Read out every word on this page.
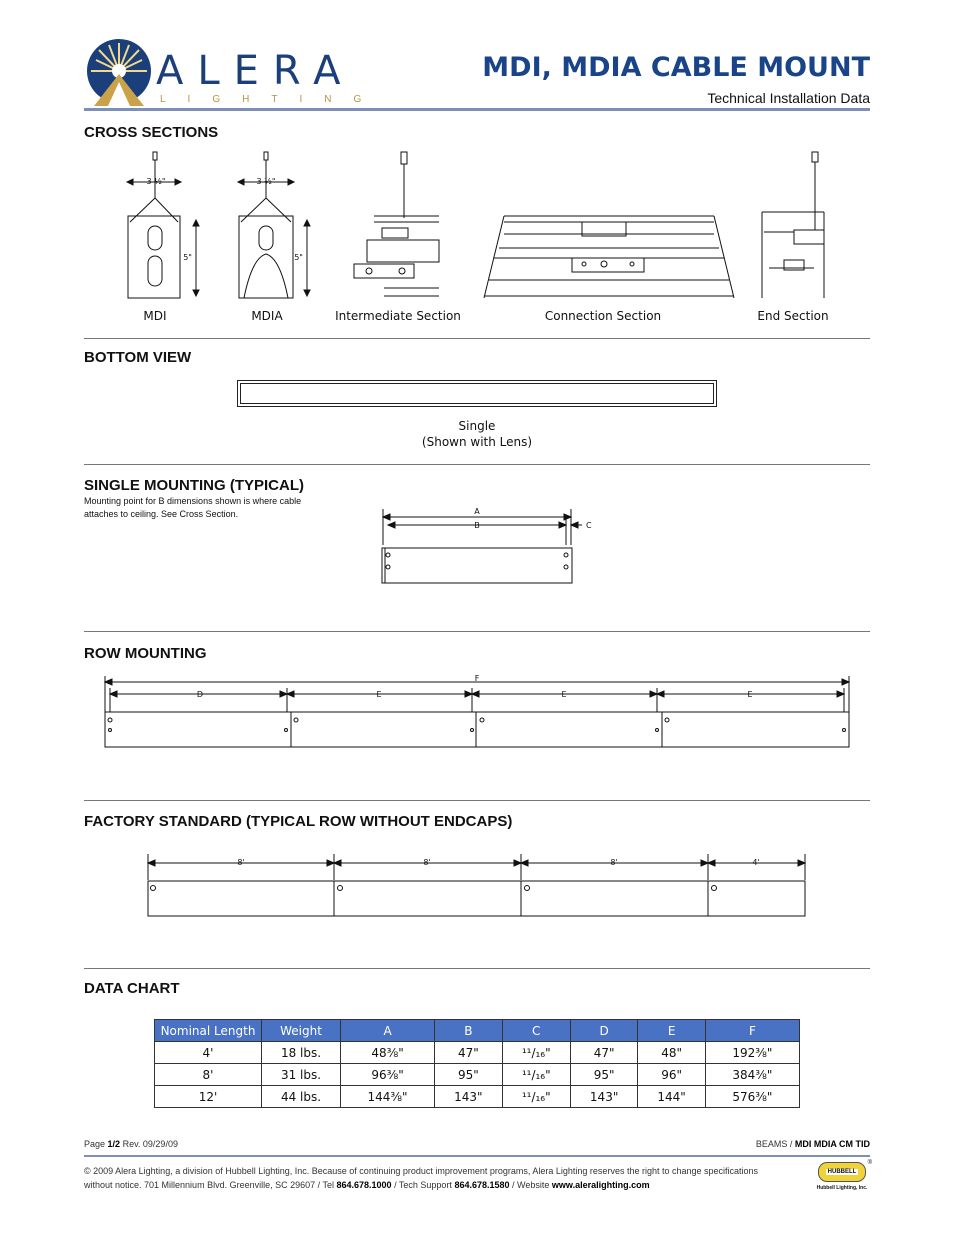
ALERA
LIGHTING
MDI, MDIA CABLE MOUNT
Technical Installation Data
CROSS SECTIONS
3 ½"	3 ½"
5"	5"
MDI	MDIA	Intermediate Section	Connection Section	End Section
BOTTOM VIEW
Single
(Shown with Lens)
SINGLE MOUNTING (TYPICAL)
Mounting point for B dimensions shown is where cable attaches to ceiling. See Cross Section.	A
B	C
ROW MOUNTING
F
D	E	E	E
FACTORY STANDARD (TYPICAL ROW WITHOUT ENDCAPS)
8'	8'	8'	4'
DATA CHART
Nominal Length	Weight	A	B	C	D	E	F
4'	18 lbs.	48⅜"	47"	¹¹/₁₆"	47"	48"	192⅜"
8'	31 lbs.	96⅜"	95"	¹¹/₁₆"	95"	96"	384⅜"
12'	44 lbs.	144⅜"	143"	¹¹/₁₆"	143"	144"	576⅜"
Page 1/2 Rev. 09/29/09	BEAMS / MDI MDIA CM TID
© 2009 Alera Lighting, a division of Hubbell Lighting, Inc. Because of continuing product improvement programs, Alera Lighting reserves the right to change specifications
without notice. 701 Millennium Blvd. Greenville, SC 29607 / Tel 864.678.1000 / Tech Support 864.678.1580 / Website www.aleralighting.com
HUBBELL
®
Hubbell Lighting, Inc.
